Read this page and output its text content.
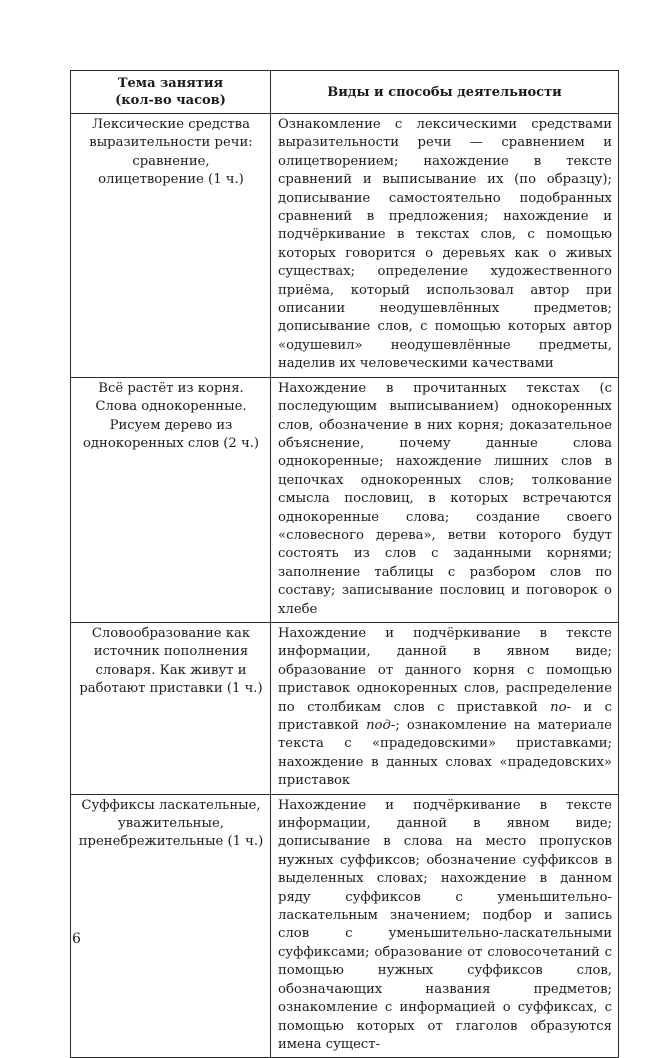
Тема занятия
(кол-во часов)	Виды и способы деятельности
Лексические средства выразительности речи: сравнение, олицетворение (1 ч.)	Ознакомление с лексическими средствами выразительности речи — сравнением и олицетворением; нахождение в тексте сравнений и выписывание их (по образцу); дописывание самостоятельно подобранных сравнений в предложения; нахождение и подчёркивание в текстах слов, с помощью которых говорится о деревьях как о живых существах; определение художественного приёма, который использовал автор при описании неодушевлённых предметов; дописывание слов, с помощью которых автор «одушевил» неодушевлённые предметы, наделив их человеческими качествами
Всё растёт из корня. Слова однокоренные. Рисуем дерево из однокоренных слов (2 ч.)	Нахождение в прочитанных текстах (с последующим выписыванием) однокоренных слов, обозначение в них корня; доказательное объяснение, почему данные слова однокоренные; нахождение лишних слов в цепочках однокоренных слов; толкование смысла пословиц, в которых встречаются однокоренные слова; создание своего «словесного дерева», ветви которого будут состоять из слов с заданными корнями; заполнение таблицы с разбором слов по составу; записывание пословиц и поговорок о хлебе
Словообразование как источник пополнения словаря. Как живут и работают приставки (1 ч.)	Нахождение и подчёркивание в тексте информации, данной в явном виде; образование от данного корня с помощью приставок однокоренных слов, распределение по столбикам слов с приставкой по- и с приставкой под-; ознакомление на материале текста с «прадедовскими» приставками; нахождение в данных словах «прадедовских» приставок
Суффиксы ласкательные, уважительные, пренебрежительные (1 ч.)	Нахождение и подчёркивание в тексте информации, данной в явном виде; дописывание в слова на место пропусков нужных суффиксов; обозначение суффиксов в выделенных словах; нахождение в данном ряду суффиксов с уменьшительно-ласкательным значением; подбор и запись слов с уменьшительно-ласкательными суффиксами; образование от словосочетаний с помощью нужных суффиксов слов, обозначающих названия предметов; ознакомление с информацией о суффиксах, с помощью которых от глаголов образуются имена сущест-
6
